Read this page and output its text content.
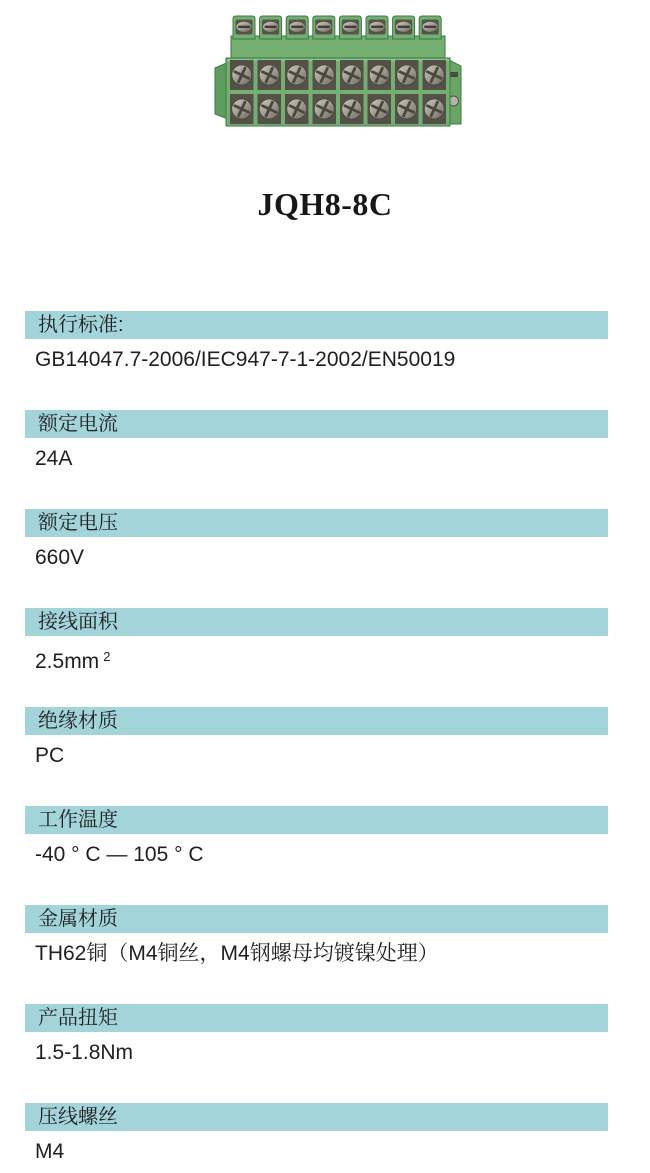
JQH8-8C
执行标准:
GB14047.7-2006/IEC947-7-1-2002/EN50019
额定电流
24A
额定电压
660V
接线面积
2.5mm $^2$
绝缘材质
PC
工作温度
-40 ° C — 105 ° C
金属材质
TH62铜（M4铜丝，M4钢螺母均镀镍处理）
产品扭矩
1.5-1.8Nm
压线螺丝
M4
